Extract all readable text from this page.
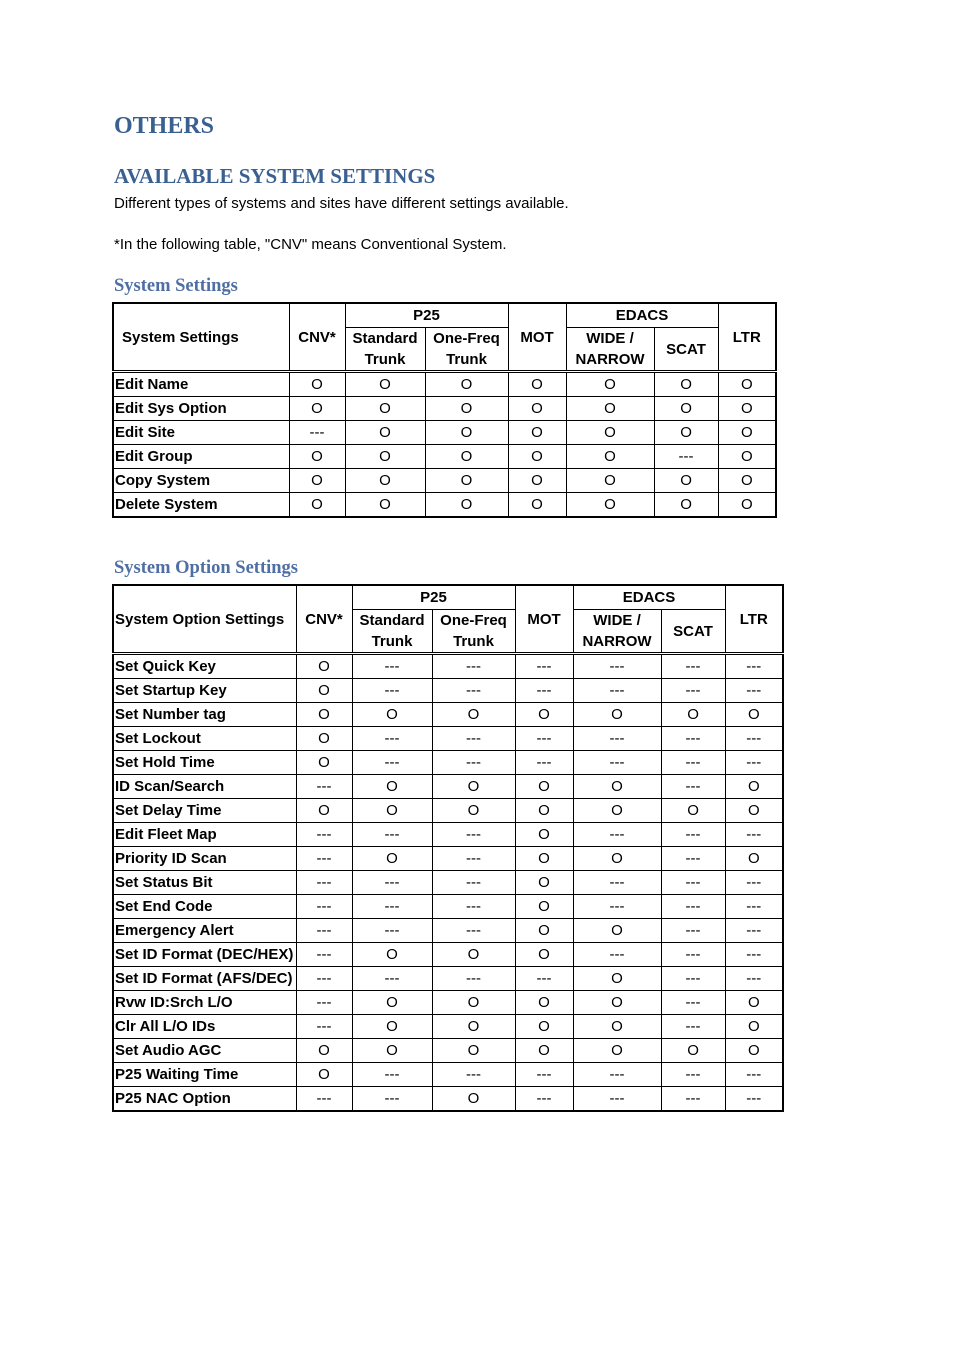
OTHERS
AVAILABLE SYSTEM SETTINGS

Different types of systems and sites have different settings available.

*In the following table, "CNV" means Conventional System.

System Settings
System Settings	CNV*	P25		MOT	EDACS		LTR
		Standard Trunk	One-Freq Trunk		WIDE / NARROW	SCAT	
Edit Name	O	O	O	O	O	O	O
Edit Sys Option	O	O	O	O	O	O	O
Edit Site	---	O	O	O	O	O	O
Edit Group	O	O	O	O	O	---	O
Copy System	O	O	O	O	O	O	O
Delete System	O	O	O	O	O	O	O
System Option Settings
System Option Settings	CNV*	P25		MOT	EDACS		LTR
		Standard Trunk	One-Freq Trunk		WIDE / NARROW	SCAT	
Set Quick Key	O	---	---	---	---	---	---
Set Startup Key	O	---	---	---	---	---	---
Set Number tag	O	O	O	O	O	O	O
Set Lockout	O	---	---	---	---	---	---
Set Hold Time	O	---	---	---	---	---	---
ID Scan/Search	---	O	O	O	O	---	O
Set Delay Time	O	O	O	O	O	O	O
Edit Fleet Map	---	---	---	O	---	---	---
Priority ID Scan	---	O	---	O	O	---	O
Set Status Bit	---	---	---	O	---	---	---
Set End Code	---	---	---	O	---	---	---
Emergency Alert	---	---	---	O	O	---	---
Set ID Format (DEC/HEX)	---	O	O	O	---	---	---
Set ID Format (AFS/DEC)	---	---	---	---	O	---	---
Rvw ID:Srch L/O	---	O	O	O	O	---	O
Clr All L/O IDs	---	O	O	O	O	---	O
Set Audio AGC	O	O	O	O	O	O	O
P25 Waiting Time	O	---	---	---	---	---	---
P25 NAC Option	---	---	O	---	---	---	---
